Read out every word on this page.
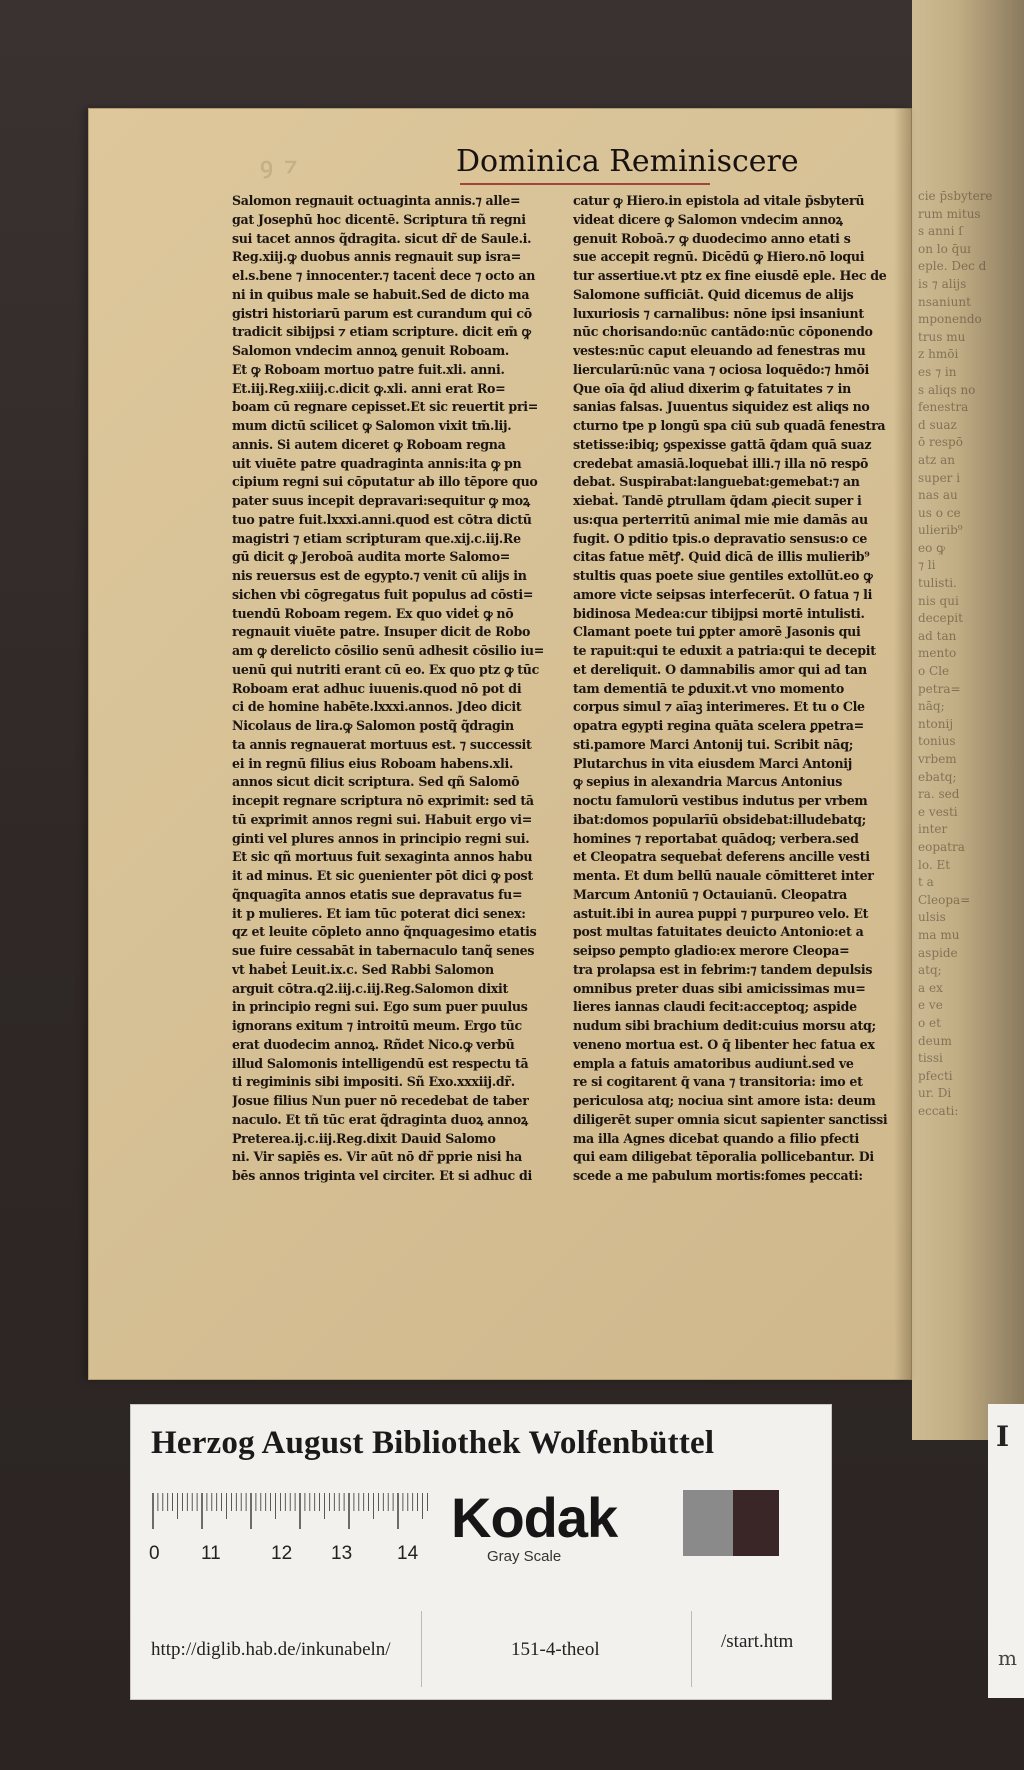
cie p̄sbytere
rum mitus
s anni ſ
on lo q̄uɪ
eple. Dec d
is ⁊ alijs
nsaniunt
mponendo
trus mu
z hmōi
es ⁊ in
s aliqs no
fenestra
d suaz
ō respō
atz an
super i
nas au
us o ce
ulierib⁹
eo ꝙ
⁊ li
tulisti.
nis qui
decepit
ad tan
mento
o Cle
petra=
nāq;
ntonij
tonius
vrbem
ebatq;
ra. sed
e vesti
inter
eopatra
lo. Et
t a
Cleopa=
ulsis
ma mu
aspide
atq;
a ex
e ve
o et
deum
tissi
pfecti
ur. Di
eccati:
ꝯ ⁊	Dominica Reminiscere
Salomon regnauit octuaginta annis.⁊ alle=
gat Josephū hoc dicentē. Scriptura tñ regni
sui tacet annos q̃dragita. sicut dr̃ de Saule.i.
Reg.xiij.ꝙ duobus annis regnauit sup isra=
el.s.bene ⁊ innocenter.⁊ tacenṫ dece ⁊ octo an
ni in quibus male se habuit.Sed de dicto ma
gistri historiarū parum est curandum qui cō
tradicit sibijpsi ⁊ etiam scripture. dicit em̄ ꝙ
Salomon vndecim annoꝝ genuit Roboam.
Et ꝙ Roboam mortuo patre fuit.xli. anni.
Et.iij.Reg.xiiij.c.dicit ꝙ.xli. anni erat Ro=
boam cū regnare cepisset.Et sic reuertit pri=
mum dictū scilicet ꝙ Salomon vixit tm̄.lij.
annis. Si autem diceret ꝙ Roboam regna
uit viuēte patre quadraginta annis:ita ꝙ pn
cipium regni sui cōputatur ab illo tēpore quo
pater suus incepit depravari:sequitur ꝙ moꝝ
tuo patre fuit.lxxxi.anni.quod est cōtra dictū
magistri ⁊ etiam scripturam que.xij.c.iij.Re
gū dicit ꝙ Jeroboā audita morte Salomo=
nis reuersus est de egypto.⁊ venit cū alijs in
sichen vbi cōgregatus fuit populus ad cōsti=
tuendū Roboam regem. Ex quo videṫ ꝙ nō
regnauit viuēte patre. Insuper dicit de Robo
am ꝙ derelicto cōsilio senū adhesit cōsilio iu=
uenū qui nutriti erant cū eo. Ex quo ptz ꝙ tūc
Roboam erat adhuc iuuenis.quod nō pot di
ci de homine habēte.lxxxi.annos. Jdeo dicit
Nicolaus de lira.ꝙ Salomon postq̃ q̃dragin
ta annis regnauerat mortuus est. ⁊ successit
ei in regnū filius eius Roboam habens.xli.
annos sicut dicit scriptura. Sed qñ Salomō
incepit regnare scriptura nō exprimit: sed tā
tū exprimit annos regni sui. Habuit ergo vi=
ginti vel plures annos in principio regni sui.
Et sic qñ mortuus fuit sexaginta annos habu
it ad minus. Et sic ꝯuenienter pōt dici ꝙ post
q̃nquagīta annos etatis sue depravatus fu=
it p mulieres. Et iam tūc poterat dici senex:
qz et leuite cōpleto anno q̃nquagesimo etatis
sue fuire cessabāt in tabernaculo tanq̃ senes
vt habeṫ Leuit.ix.c. Sed Rabbi Salomon
arguit cōtra.q2.iij.c.iij.Reg.Salomon dixit
in principio regni sui. Ego sum puer puulus
ignorans exitum ⁊ introitū meum. Ergo tūc
erat duodecim annoꝝ. Rñdet Nico.ꝙ verbū
illud Salomonis intelligendū est respectu tā
ti regiminis sibi impositi. Sñ Exo.xxxiij.dr̃.
Josue filius Nun puer nō recedebat de taber
naculo. Et tñ tūc erat q̃draginta duoꝝ annoꝝ
Preterea.ij.c.iij.Reg.dixit Dauid Salomo
ni. Vir sapiēs es. Vir aūt nō dr̃ pprie nisi ha
bēs annos triginta vel circiter. Et si adhuc di
catur ꝙ Hiero.in epistola ad vitale p̄sbyterū
videat dicere ꝙ Salomon vndecim annoꝝ
genuit Roboā.⁊ ꝙ duodecimo anno etati s
sue accepit regnū. Dicēdū ꝙ Hiero.nō loqui
tur assertiue.vt ptz ex fine eiusdē eple. Hec de
Salomone sufficiāt. Quid dicemus de alijs
luxuriosis ⁊ carnalibus: nōne ipsi insaniunt
nūc chorisando:nūc cantādo:nūc cōponendo
vestes:nūc caput eleuando ad fenestras mu
liercularū:nūc vana ⁊ ociosa loquēdo:⁊ hmōi
Que oīa q̄d aliud dixerim ꝙ fatuitates ⁊ in
sanias falsas. Juuentus siquidez est aliqs no
cturno tpe p longū spa ciū sub quadā fenestra
stetisse:ibiq; ꝯspexisse gattā q̄dam quā suaz
credebat amasiā.loquebaṫ illi.⁊ illa nō respō
debat. Suspirabat:languebat:gemebat:⁊ an
xiebaṫ. Tandē ꝑtrullam q̄dam ꝓiecit super i
us:qua perterritū animal mie mie damās au
fugit. O pditio tpis.o depravatio sensus:o ce
citas fatue mētꝭ. Quid dicā de illis mulierib⁹
stultis quas poete siue gentiles extollūt.eo ꝙ
amore victe seipsas interfecerūt. O fatua ⁊ li
bidinosa Medea:cur tibijpsi mortē intulisti.
Clamant poete tui ꝑpter amorē Jasonis qui
te rapuit:qui te eduxit a patria:qui te decepit
et dereliquit. O damnabilis amor qui ad tan
tam dementiā te ꝑduxit.vt vno momento
corpus simul ⁊ aīaꝫ interimeres. Et tu o Cle
opatra egypti regina quāta scelera ꝑpetra=
sti.pamore Marci Antonij tui. Scribit nāq;
Plutarchus in vita eiusdem Marci Antonij
ꝙ sepius in alexandria Marcus Antonius
noctu famulorū vestibus indutus per vrbem
ibat:domos popularīū obsidebat:illudebatq;
homines ⁊ reportabat quādoq; verbera.sed
et Cleopatra sequebaṫ deferens ancille vesti
menta. Et dum bellū nauale cōmitteret inter
Marcum Antoniū ⁊ Octauianū. Cleopatra
astuit.ibi in aurea puppi ⁊ purpureo velo. Et
post multas fatuitates deuicto Antonio:et a
seipso ꝑempto gladio:ex merore Cleopa=
tra prolapsa est in febrim:⁊ tandem depulsis
omnibus preter duas sibi amicissimas mu=
lieres iannas claudi fecit:acceptoq; aspide
nudum sibi brachium dedit:cuius morsu atq;
veneno mortua est. O q̄ libenter hec fatua ex
empla a fatuis amatoribus audiunṫ.sed ve
re si cogitarent q̄ vana ⁊ transitoria: imo et
periculosa atq; nociua sint amore ista: deum
diligerēt super omnia sicut sapienter sanctissi
ma illa Agnes dicebat quando a filio pfecti
qui eam diligebat tēporalia pollicebantur. Di
scede a me pabulum mortis:fomes peccati:
Herzog August Bibliothek Wolfenbüttel
0 11	12 13 14
Kodak
Gray Scale
http://diglib.hab.de/inkunabeln/	151-4-theol	/start.htm
I
m
